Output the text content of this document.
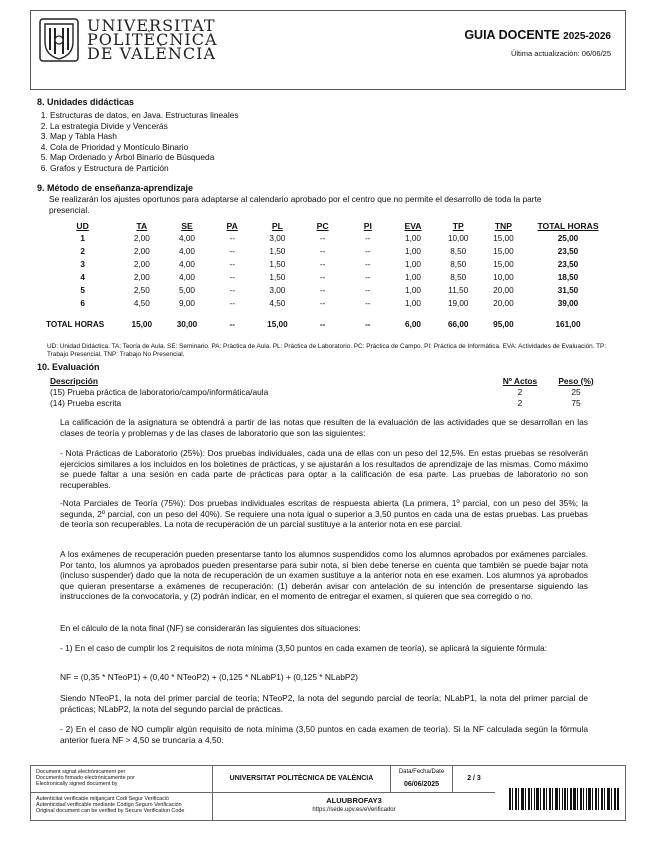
UNIVERSITAT
POLITÈCNICA
DE VALÈNCIA
GUIA DOCENTE 2025-2026
Última actualización: 06/06/25
8. Unidades didácticas
1. Estructuras de datos, en Java. Estructuras lineales
2. La estrategia Divide y Vencerás
3. Map y Tabla Hash
4. Cola de Prioridad y Montículo Binario
5. Map Ordenado y Árbol Binario de Búsqueda
6. Grafos y Estructura de Partición
9. Método de enseñanza-aprendizaje
Se realizarán los ajustes oportunos para adaptarse al calendario aprobado por el centro que no permite el desarrollo de toda la parte presencial.
UD	TA	SE	PA	PL	PC	PI	EVA	TP	TNP	TOTAL HORAS
1	2,00	4,00	--	3,00	--	--	1,00	10,00	15,00	25,00
2	2,00	4,00	--	1,50	--	--	1,00	8,50	15,00	23,50
3	2,00	4,00	--	1,50	--	--	1,00	8,50	15,00	23,50
4	2,00	4,00	--	1,50	--	--	1,00	8,50	10,00	18,50
5	2,50	5,00	--	3,00	--	--	1,00	11,50	20,00	31,50
6	4,50	9,00	--	4,50	--	--	1,00	19,00	20,00	39,00

TOTAL HORAS	15,00	30,00	--	15,00	--	--	6,00	66,00	95,00	161,00
UD: Unidad Didáctica. TA: Teoría de Aula. SE: Seminario. PA: Práctica de Aula. PL: Práctica de Laboratorio. PC: Práctica de Campo. PI: Práctica de Informática. EVA: Actividades de Evaluación. TP: Trabajo Presencial. TNP: Trabajo No Presencial.
10. Evaluación
Descripción	Nº Actos	Peso (%)
(15) Prueba práctica de laboratorio/campo/informática/aula	2	25
(14) Prueba escrita	2	75
La calificación de la asignatura se obtendrá a partir de las notas que resulten de la evaluación de las actividades que se desarrollan en las clases de teoría y problemas y de las clases de laboratorio que son las siguientes:
- Nota Prácticas de Laboratorio (25%): Dos pruebas individuales, cada una de ellas con un peso del 12,5%. En estas pruebas se resolverán ejercicios similares a los incluidos en los boletines de prácticas, y se ajustarán a los resultados de aprendizaje de las mismas. Como máximo se puede faltar a una sesión en cada parte de prácticas para optar a la calificación de esa parte. Las pruebas de laboratorio no son recuperables.
-Nota Parciales de Teoría (75%): Dos pruebas individuales escritas de respuesta abierta (La primera, 1º parcial, con un peso del 35%; la segunda, 2º parcial, con un peso del 40%). Se requiere una nota igual o superior a 3,50 puntos en cada una de estas pruebas. Las pruebas de teoría son recuperables. La nota de recuperación de un parcial sustituye a la anterior nota en ese parcial.
A los exámenes de recuperación pueden presentarse tanto los alumnos suspendidos como los alumnos aprobados por exámenes parciales. Por tanto, los alumnos ya aprobados pueden presentarse para subir nota, si bien debe tenerse en cuenta que también se puede bajar nota (incluso suspender) dado que la nota de recuperación de un examen sustituye a la anterior nota en ese examen. Los alumnos ya aprobados que quieran presentarse a exámenes de recuperación: (1) deberán avisar con antelación de su intención de presentarse siguiendo las instrucciones de la convocatoria, y (2) podrán indicar, en el momento de entregar el examen, si quieren que sea corregido o no.
En el cálculo de la nota final (NF) se considerarán las siguientes dos situaciones:
- 1) En el caso de cumplir los 2 requisitos de nota mínima (3,50 puntos en cada examen de teoría), se aplicará la siguiente fórmula:
NF = (0,35 * NTeoP1) + (0,40 * NTeoP2) + (0,125 * NLabP1) + (0,125 * NLabP2)
Siendo NTeoP1, la nota del primer parcial de teoría; NTeoP2, la nota del segundo parcial de teoría; NLabP1, la nota del primer parcial de prácticas; NLabP2, la nota del segundo parcial de prácticas.
- 2) En el caso de NO cumplir algún requisito de nota mínima (3,50 puntos en cada examen de teoría). Si la NF calculada según la fórmula anterior fuera NF > 4,50 se truncaría a 4,50.
Document signat electrònicament per
Documento firmado electrónicamente por
Electronically signed document by
UNIVERSITAT POLITÈCNICA DE VALÈNCIA
Data/Fecha/Date
06/06/2025
2 / 3
Autenticitat verificable mitjançant Codi Segur Verificació
Autenticidad verificable mediante Código Seguro Verificación
Original document can be verified by Secure Verification Code
ALUUBROFAY3
https://sede.upv.es/eVerificador
